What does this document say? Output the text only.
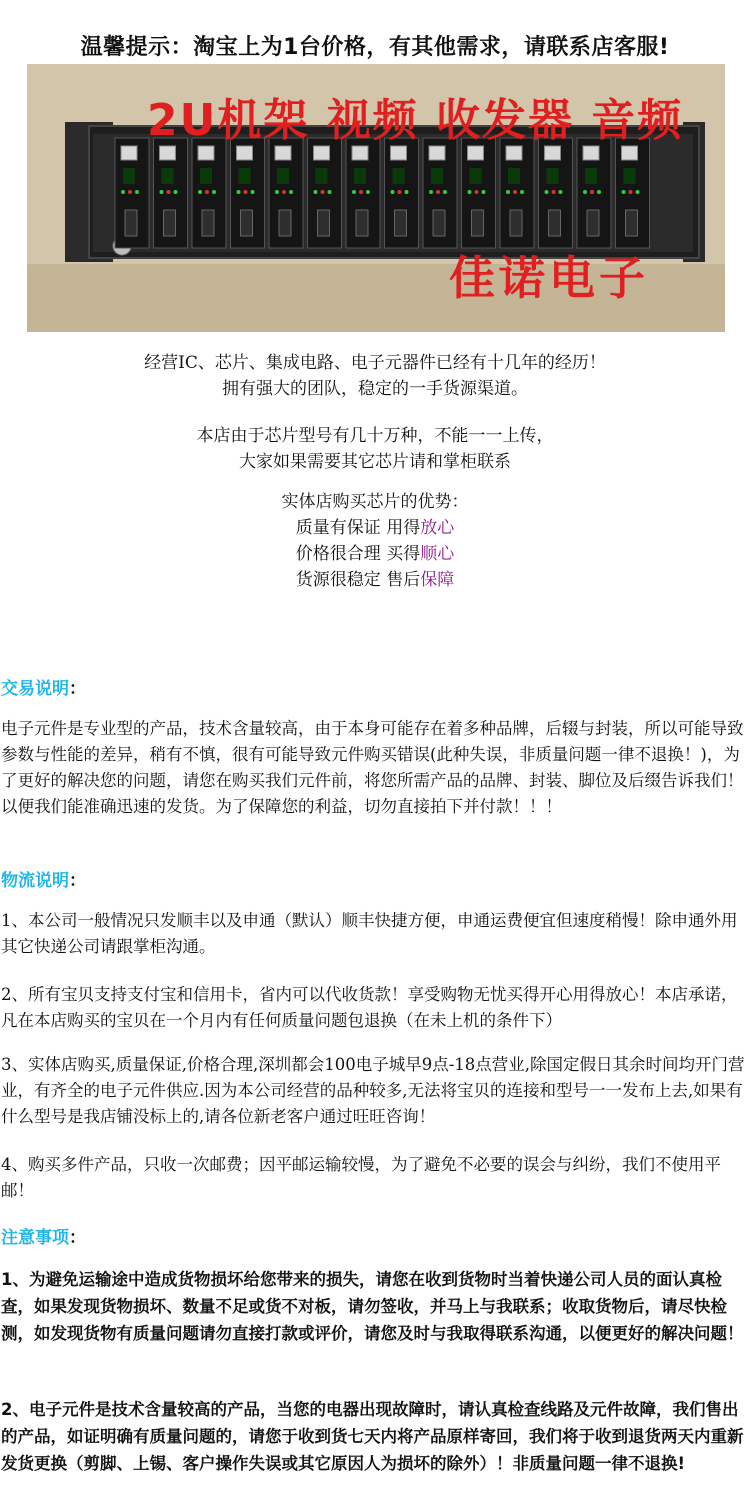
温馨提示：淘宝上为1台价格，有其他需求，请联系店客服!
2U机架 视频 收发器 音频
佳诺电子

经营IC、芯片、集成电路、电子元器件已经有十几年的经历！

拥有强大的团队，稳定的一手货源渠道。

本店由于芯片型号有几十万种，不能一一上传，

大家如果需要其它芯片请和掌柜联系

实体店购买芯片的优势：

质量有保证 用得放心

价格很合理 买得顺心

货源很稳定 售后保障

交易说明：

电子元件是专业型的产品，技术含量较高，由于本身可能存在着多种品牌，后辍与封装，所以可能导致参数与性能的差异，稍有不慎，很有可能导致元件购买错误(此种失误，非质量问题一律不退换！)，为了更好的解决您的问题，请您在购买我们元件前，将您所需产品的品牌、封装、脚位及后缀告诉我们！以便我们能准确迅速的发货。为了保障您的利益，切勿直接拍下并付款！！！

物流说明：

1、本公司一般情况只发顺丰以及申通（默认）顺丰快捷方便，申通运费便宜但速度稍慢！除申通外用其它快递公司请跟掌柜沟通。

2、所有宝贝支持支付宝和信用卡，省内可以代收货款！享受购物无忧买得开心用得放心！本店承诺，凡在本店购买的宝贝在一个月内有任何质量问题包退换（在未上机的条件下）

3、实体店购买,质量保证,价格合理,深圳都会100电子城早9点-18点营业,除国定假日其余时间均开门营业，有齐全的电子元件供应.因为本公司经营的品种较多,无法将宝贝的连接和型号一一发布上去,如果有什么型号是我店铺没标上的,请各位新老客户通过旺旺咨询！

4、购买多件产品，只收一次邮费；因平邮运输较慢，为了避免不必要的误会与纠纷，我们不使用平邮！

注意事项：

1、为避免运输途中造成货物损坏给您带来的损失，请您在收到货物时当着快递公司人员的面认真检查，如果发现货物损坏、数量不足或货不对板，请勿签收，并马上与我联系；收取货物后，请尽快检测，如发现货物有质量问题请勿直接打款或评价，请您及时与我取得联系沟通，以便更好的解决问题！

2、电子元件是技术含量较高的产品，当您的电器出现故障时，请认真检查线路及元件故障，我们售出的产品，如证明确有质量问题的，请您于收到货七天内将产品原样寄回，我们将于收到退货两天内重新发货更换（剪脚、上锡、客户操作失误或其它原因人为损坏的除外）！非质量问题一律不退换!
